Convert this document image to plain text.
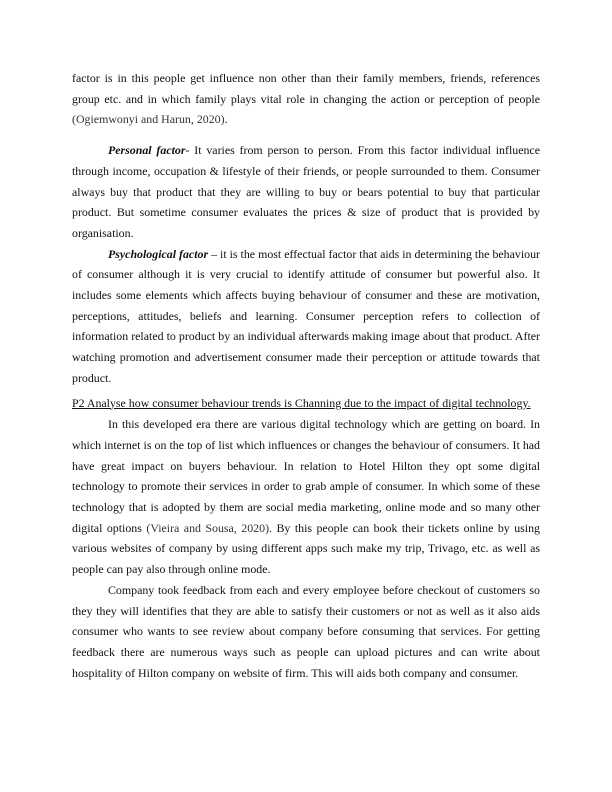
factor is in this people get influence non other than their family members, friends, references group etc. and in which family plays vital role in changing the action or perception of people (Ogiemwonyi and Harun, 2020).

Personal factor- It varies from person to person. From this factor individual influence through income, occupation & lifestyle of their friends, or people surrounded to them. Consumer always buy that product that they are willing to buy or bears potential to buy that particular product. But sometime consumer evaluates the prices & size of product that is provided by organisation.

Psychological factor – it is the most effectual factor that aids in determining the behaviour of consumer although it is very crucial to identify attitude of consumer but powerful also. It includes some elements which affects buying behaviour of consumer and these are motivation, perceptions, attitudes, beliefs and learning. Consumer perception refers to collection of information related to product by an individual afterwards making image about that product. After watching promotion and advertisement consumer made their perception or attitude towards that product.

P2 Analyse how consumer behaviour trends is Channing due to the impact of digital technology.

In this developed era there are various digital technology which are getting on board. In which internet is on the top of list which influences or changes the behaviour of consumers. It had have great impact on buyers behaviour. In relation to Hotel Hilton they opt some digital technology to promote their services in order to grab ample of consumer. In which some of these technology that is adopted by them are social media marketing, online mode and so many other digital options (Vieira and Sousa, 2020). By this people can book their tickets online by using various websites of company by using different apps such make my trip, Trivago, etc. as well as people can pay also through online mode.

Company took feedback from each and every employee before checkout of customers so they they will identifies that they are able to satisfy their customers or not as well as it also aids consumer who wants to see review about company before consuming that services. For getting feedback there are numerous ways such as people can upload pictures and can write about hospitality of Hilton company on website of firm. This will aids both company and consumer.
